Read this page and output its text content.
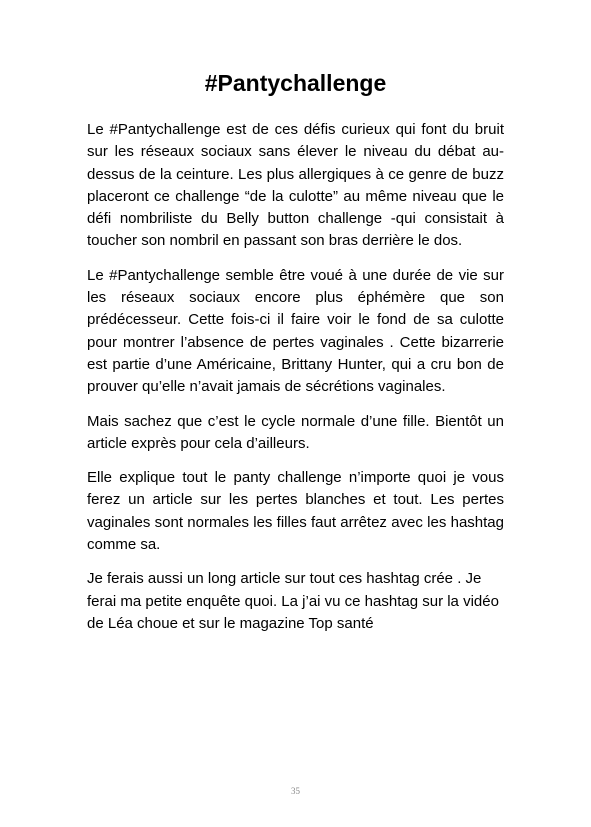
#Pantychallenge

Le #Pantychallenge est de ces défis curieux qui font du bruit sur les réseaux sociaux sans élever le niveau du débat au-dessus de la ceinture. Les plus allergiques à ce genre de buzz placeront ce challenge “de la culotte” au même niveau que le défi nombriliste du Belly button challenge -qui consistait à toucher son nombril en passant son bras derrière le dos.

Le #Pantychallenge semble être voué à une durée de vie sur les réseaux sociaux encore plus éphémère que son prédécesseur. Cette fois-ci il faire voir le fond de sa culotte pour montrer l’absence de pertes vaginales . Cette bizarrerie est partie d’une Américaine, Brittany Hunter, qui a cru bon de prouver qu’elle n’avait jamais de sécrétions vaginales.

Mais sachez que c’est le cycle normale d’une fille. Bientôt un article exprès pour cela d’ailleurs.

Elle explique tout le panty challenge n’importe quoi je vous ferez un article sur les pertes blanches et tout. Les pertes vaginales sont normales les filles faut arrêtez avec les hashtag comme sa.

Je ferais aussi un long article sur tout ces hashtag crée . Je ferai ma petite enquête quoi. La j’ai vu ce hashtag sur la vidéo de Léa choue et sur le magazine Top santé

35
